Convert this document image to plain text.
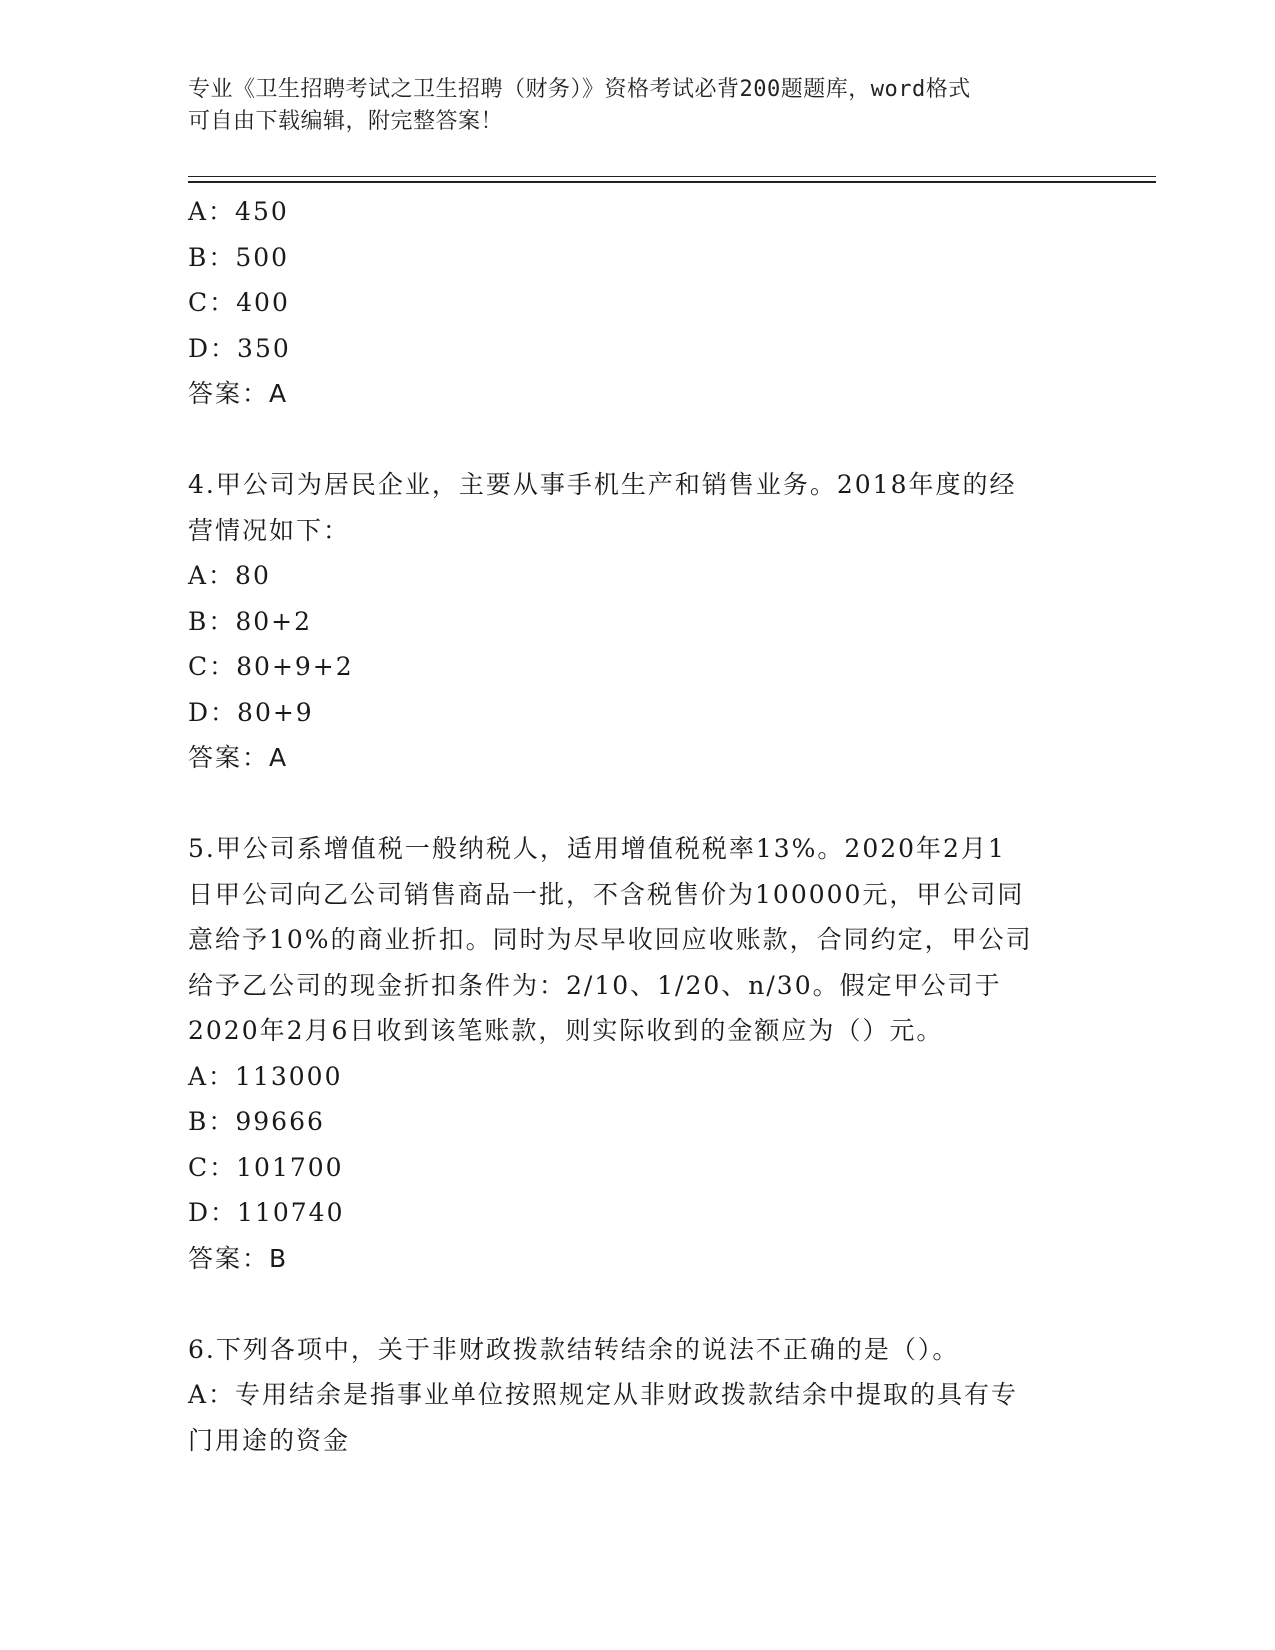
专业《卫生招聘考试之卫生招聘（财务）》资格考试必背200题题库，word格式
可自由下载编辑，附完整答案！
A：450
B：500
C：400
D：350
答案：A
4.甲公司为居民企业，主要从事手机生产和销售业务。2018年度的经
营情况如下：
A：80
B：80+2
C：80+9+2
D：80+9
答案：A
5.甲公司系增值税一般纳税人，适用增值税税率13%。2020年2月1
日甲公司向乙公司销售商品一批，不含税售价为100000元，甲公司同
意给予10%的商业折扣。同时为尽早收回应收账款，合同约定，甲公司
给予乙公司的现金折扣条件为：2/10、1/20、n/30。假定甲公司于
2020年2月6日收到该笔账款，则实际收到的金额应为（）元。
A：113000
B：99666
C：101700
D：110740
答案：B
6.下列各项中，关于非财政拨款结转结余的说法不正确的是（）。
A：专用结余是指事业单位按照规定从非财政拨款结余中提取的具有专
门用途的资金
